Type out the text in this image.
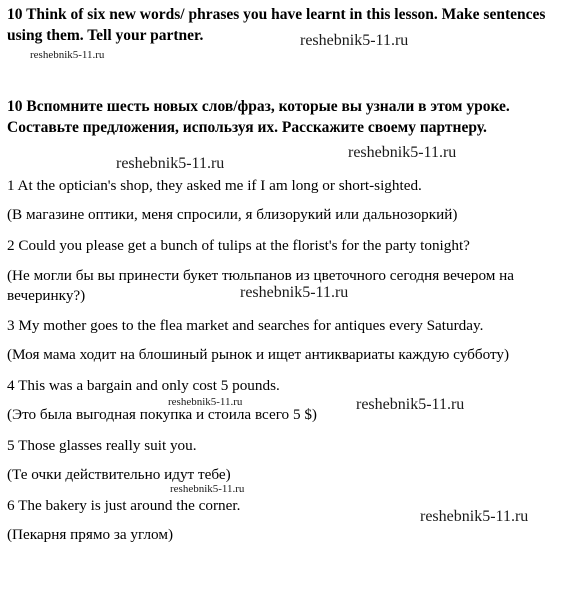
10 Think of six new words/ phrases you have learnt in this lesson. Make sentences using them. Tell your partner.

10 Вспомните шесть новых слов/фраз, которые вы узнали в этом уроке. Составьте предложения, используя их. Расскажите своему партнеру.

1 At the optician's shop, they asked me if I am long or short-sighted.

(В магазине оптики, меня спросили, я близорукий или дальнозоркий)

2 Could you please get a bunch of tulips at the florist's for the party tonight?

(Не могли бы вы принести букет тюльпанов из цветочного сегодня вечером на вечеринку?)

3 My mother goes to the flea market and searches for antiques every Saturday.

(Моя мама ходит на блошиный рынок и ищет антиквариаты каждую субботу)

4 This was a bargain and only cost 5 pounds.

(Это была выгодная покупка и стоила всего 5 $)

5 Those glasses really suit you.

(Те очки действительно идут тебе)

6 The bakery is just around the corner.

(Пекарня прямо за углом)

reshebnik5-11.ru
reshebnik5-11.ru
reshebnik5-11.ru
reshebnik5-11.ru
reshebnik5-11.ru
reshebnik5-11.ru	reshebnik5-11.ru
reshebnik5-11.ru
reshebnik5-11.ru
